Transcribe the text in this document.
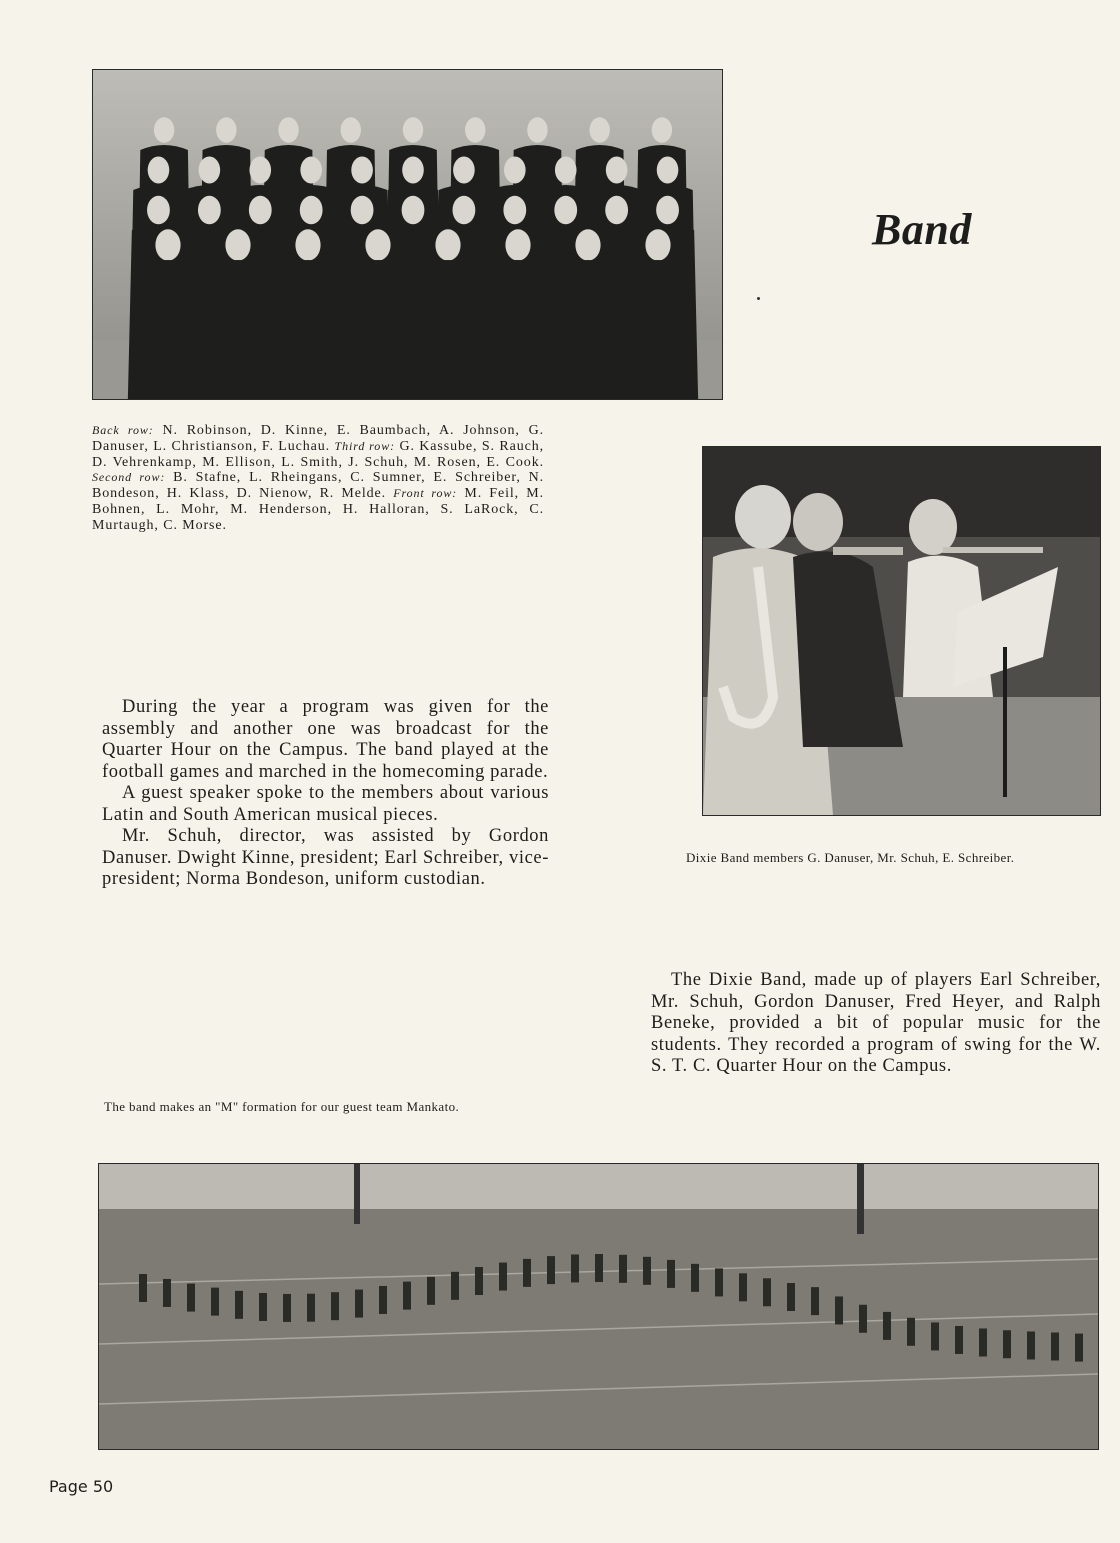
Band

Back row: N. Robinson, D. Kinne, E. Baumbach, A. Johnson, G. Danuser, L. Christianson, F. Luchau. Third row: G. Kassube, S. Rauch, D. Vehrenkamp, M. Ellison, L. Smith, J. Schuh, M. Rosen, E. Cook. Second row: B. Stafne, L. Rheingans, C. Sumner, E. Schreiber, N. Bondeson, H. Klass, D. Nienow, R. Melde. Front row: M. Feil, M. Bohnen, L. Mohr, M. Henderson, H. Halloran, S. LaRock, C. Murtaugh, C. Morse.

Dixie Band members G. Danuser, Mr. Schuh, E. Schreiber.

During the year a program was given for the assembly and another one was broadcast for the Quarter Hour on the Campus. The band played at the football games and marched in the homecoming parade.

A guest speaker spoke to the members about various Latin and South American musical pieces.

Mr. Schuh, director, was assisted by Gordon Danuser. Dwight Kinne, president; Earl Schreiber, vice-president; Norma Bondeson, uniform custodian.

The Dixie Band, made up of players Earl Schreiber, Mr. Schuh, Gordon Danuser, Fred Heyer, and Ralph Beneke, provided a bit of popular music for the students. They recorded a program of swing for the W. S. T. C. Quarter Hour on the Campus.

The band makes an "M" formation for our guest team Mankato.

Page 50
